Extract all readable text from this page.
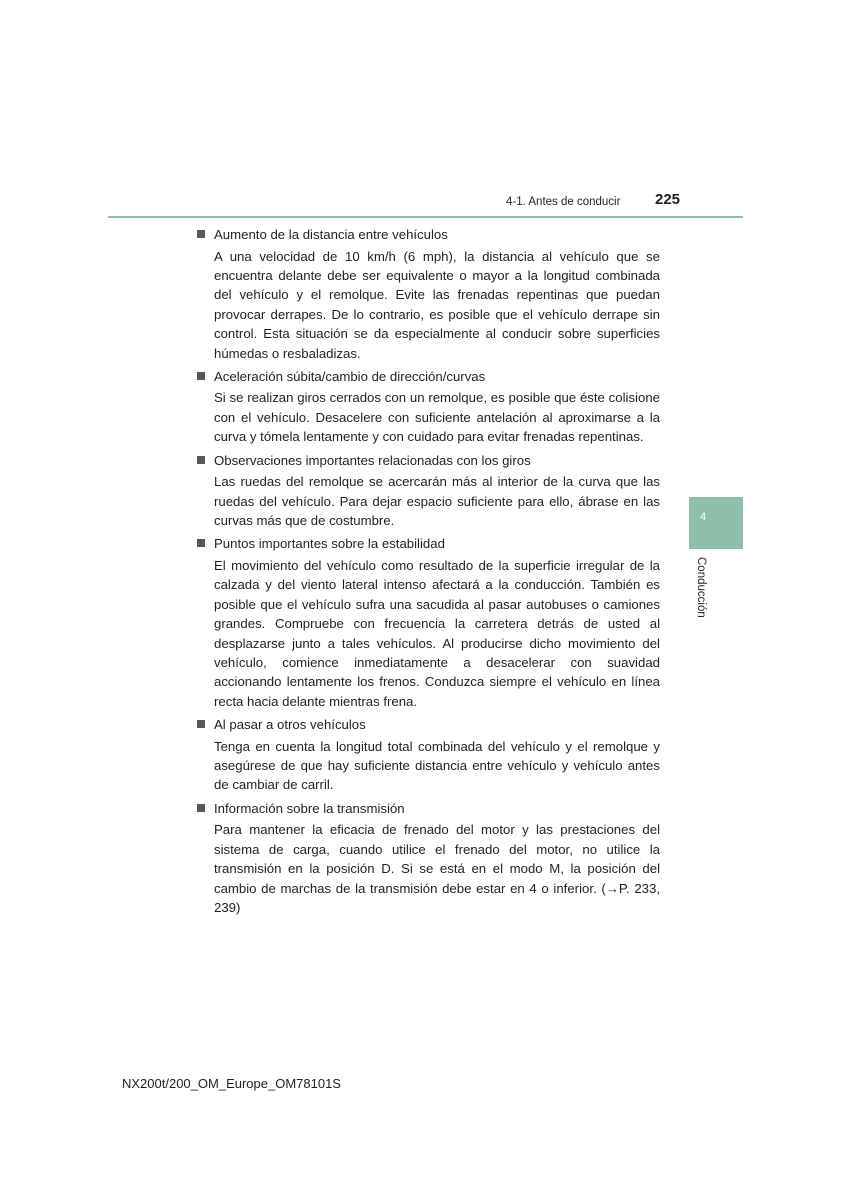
4-1. Antes de conducir 225
4
Conducción
Aumento de la distancia entre vehículos

A una velocidad de 10 km/h (6 mph), la distancia al vehículo que se encuentra delante debe ser equivalente o mayor a la longitud combinada del vehículo y el remolque. Evite las frenadas repentinas que puedan provocar derrapes. De lo contrario, es posible que el vehículo derrape sin control. Esta situación se da especialmente al conducir sobre superficies húmedas o resbaladizas.

Aceleración súbita/cambio de dirección/curvas

Si se realizan giros cerrados con un remolque, es posible que éste colisione con el vehículo. Desacelere con suficiente antelación al aproximarse a la curva y tómela lentamente y con cuidado para evitar frenadas repentinas.

Observaciones importantes relacionadas con los giros

Las ruedas del remolque se acercarán más al interior de la curva que las ruedas del vehículo. Para dejar espacio suficiente para ello, ábrase en las curvas más que de costumbre.

Puntos importantes sobre la estabilidad

El movimiento del vehículo como resultado de la superficie irregular de la calzada y del viento lateral intenso afectará a la conducción. También es posible que el vehículo sufra una sacudida al pasar autobuses o camiones grandes. Compruebe con frecuencia la carretera detrás de usted al desplazarse junto a tales vehículos. Al producirse dicho movimiento del vehículo, comience inmediatamente a desacelerar con suavidad accionando lentamente los frenos. Conduzca siempre el vehículo en línea recta hacia delante mientras frena.

Al pasar a otros vehículos

Tenga en cuenta la longitud total combinada del vehículo y el remolque y asegúrese de que hay suficiente distancia entre vehículo y vehículo antes de cambiar de carril.

Información sobre la transmisión

Para mantener la eficacia de frenado del motor y las prestaciones del sistema de carga, cuando utilice el frenado del motor, no utilice la transmisión en la posición D. Si se está en el modo M, la posición del cambio de marchas de la transmisión debe estar en 4 o inferior. (→P. 233, 239)

NX200t/200_OM_Europe_OM78101S
